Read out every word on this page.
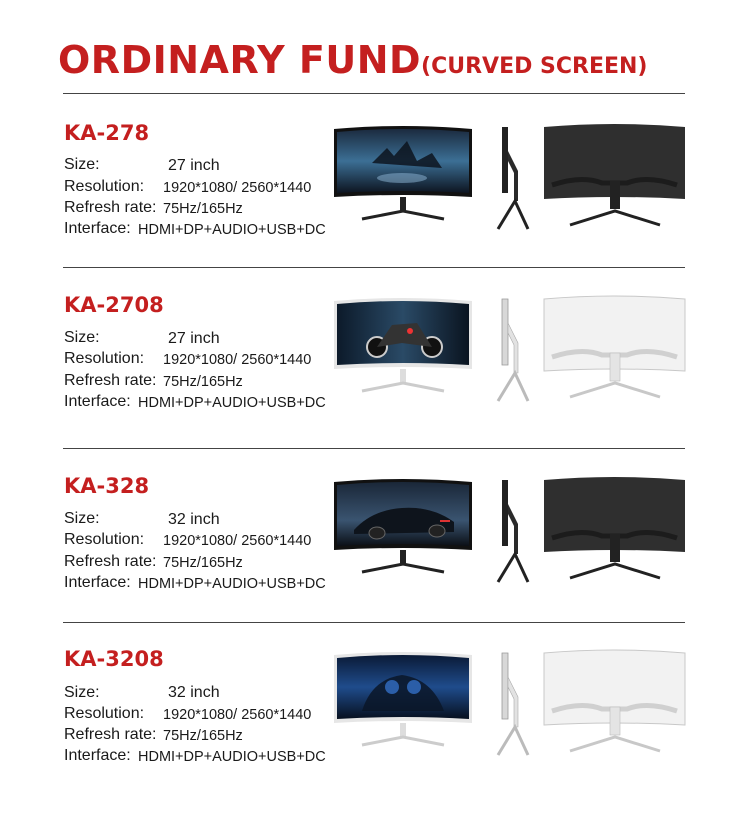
ORDINARY FUND(CURVED SCREEN)
KA-278
Size:	27 inch
Resolution: 1920*1080/ 2560*1440
Refresh rate: 75Hz/165Hz
Interface: HDMI+DP+AUDIO+USB+DC
KA-2708
Size:	27 inch
Resolution: 1920*1080/ 2560*1440
Refresh rate: 75Hz/165Hz
Interface: HDMI+DP+AUDIO+USB+DC
KA-328
Size:	32 inch
Resolution: 1920*1080/ 2560*1440
Refresh rate: 75Hz/165Hz
Interface: HDMI+DP+AUDIO+USB+DC
KA-3208
Size:	32 inch
Resolution: 1920*1080/ 2560*1440
Refresh rate: 75Hz/165Hz
Interface: HDMI+DP+AUDIO+USB+DC
